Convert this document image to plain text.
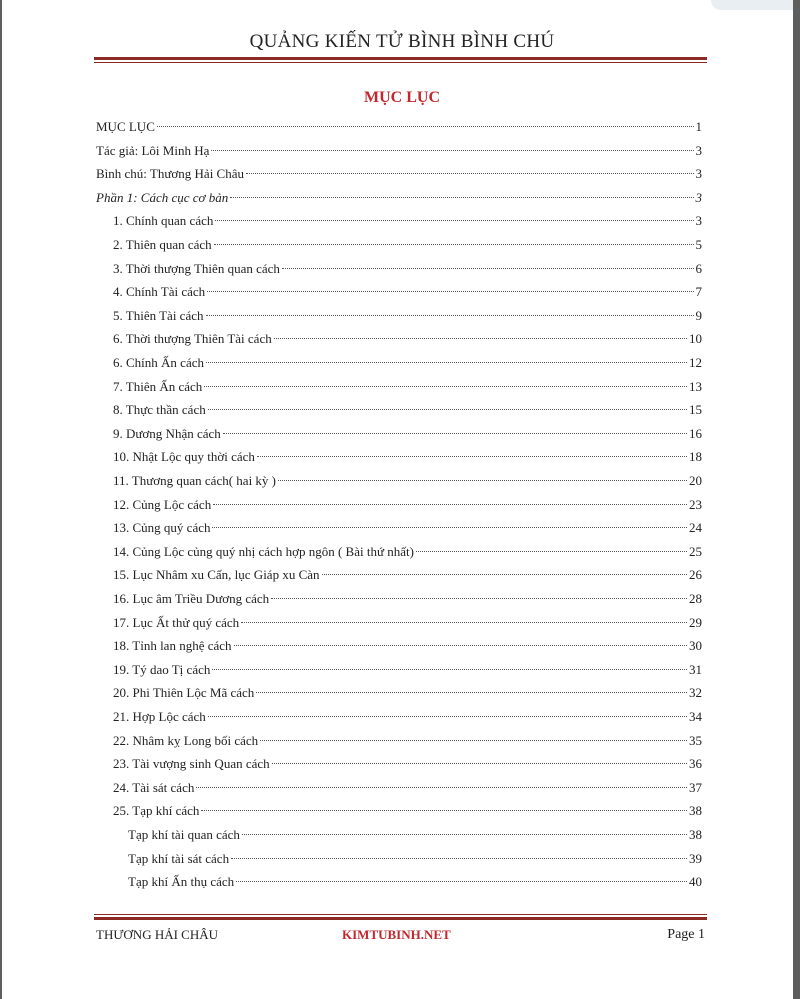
QUẢNG KIẾN TỬ BÌNH BÌNH CHÚ
MỤC LỤC
MỤC LỤC	1
Tác giả: Lôi Minh Hạ	3
Bình chú: Thương Hải Châu	3
Phần 1: Cách cục cơ bản	3
1. Chính quan cách	3
2. Thiên quan cách	5
3. Thời thượng Thiên quan cách	6
4. Chính Tài cách	7
5. Thiên Tài cách	9
6. Thời thượng Thiên Tài cách	10
6. Chính Ấn cách	12
7. Thiên Ấn cách	13
8. Thực thần cách	15
9. Dương Nhận cách	16
10. Nhật Lộc quy thời cách	18
11. Thương quan cách( hai kỳ )	20
12. Củng Lộc cách	23
13. Củng quý cách	24
14. Củng Lộc củng quý nhị cách hợp ngôn ( Bài thứ nhất)	25
15. Lục Nhâm xu Cấn, lục Giáp xu Càn	26
16. Lục âm Triều Dương cách	28
17. Lục Ất thử quý cách	29
18. Tỉnh lan nghệ cách	30
19. Tý dao Tị cách	31
20. Phi Thiên Lộc Mã cách	32
21. Hợp Lộc cách	34
22. Nhâm kỵ Long bối cách	35
23. Tài vượng sinh Quan cách	36
24. Tài sát cách	37
25. Tạp khí cách	38
Tạp khí tài quan cách	38
Tạp khí tài sát cách	39
Tạp khí Ấn thụ cách	40
THƯƠNG HẢI CHÂU	KIMTUBINH.NET	Page 1
